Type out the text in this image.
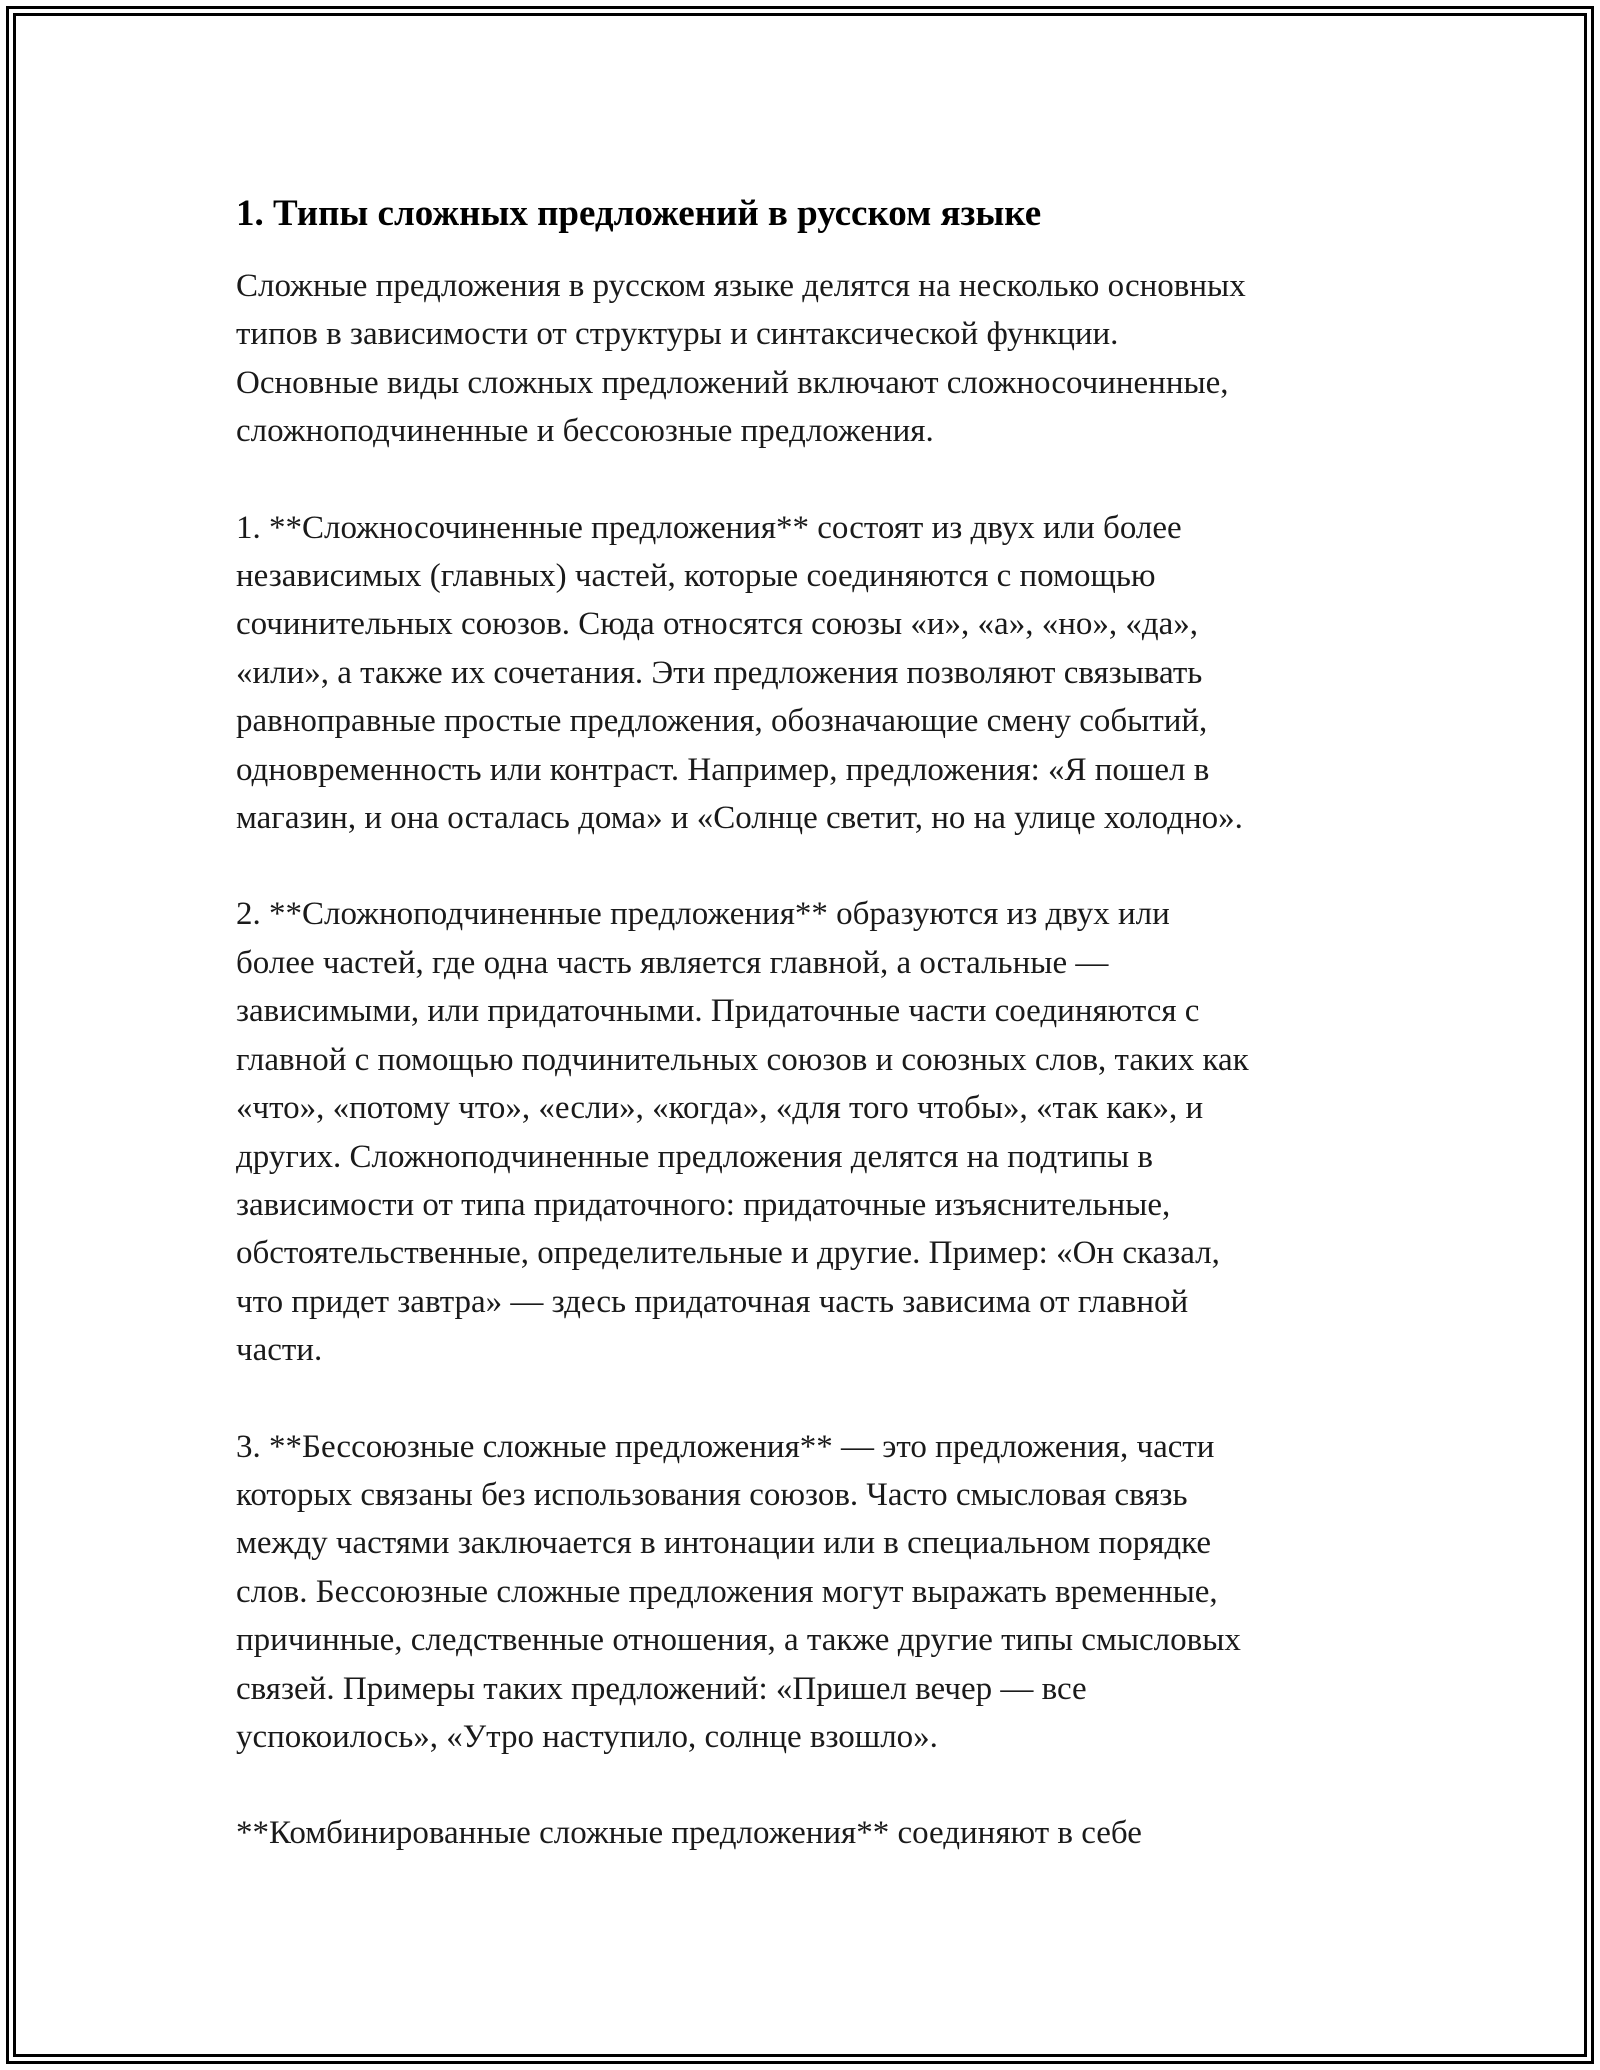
1. Типы сложных предложений в русском языке

Сложные предложения в русском языке делятся на несколько основных
типов в зависимости от структуры и синтаксической функции.
Основные виды сложных предложений включают сложносочиненные,
сложноподчиненные и бессоюзные предложения.

1. **Сложносочиненные предложения** состоят из двух или более
независимых (главных) частей, которые соединяются с помощью
сочинительных союзов. Сюда относятся союзы «и», «а», «но», «да»,
«или», а также их сочетания. Эти предложения позволяют связывать
равноправные простые предложения, обозначающие смену событий,
одновременность или контраст. Например, предложения: «Я пошел в
магазин, и она осталась дома» и «Солнце светит, но на улице холодно».

2. **Сложноподчиненные предложения** образуются из двух или
более частей, где одна часть является главной, а остальные —
зависимыми, или придаточными. Придаточные части соединяются с
главной с помощью подчинительных союзов и союзных слов, таких как
«что», «потому что», «если», «когда», «для того чтобы», «так как», и
других. Сложноподчиненные предложения делятся на подтипы в
зависимости от типа придаточного: придаточные изъяснительные,
обстоятельственные, определительные и другие. Пример: «Он сказал,
что придет завтра» — здесь придаточная часть зависима от главной
части.

3. **Бессоюзные сложные предложения** — это предложения, части
которых связаны без использования союзов. Часто смысловая связь
между частями заключается в интонации или в специальном порядке
слов. Бессоюзные сложные предложения могут выражать временные,
причинные, следственные отношения, а также другие типы смысловых
связей. Примеры таких предложений: «Пришел вечер — все
успокоилось», «Утро наступило, солнце взошло».

**Комбинированные сложные предложения** соединяют в себе
